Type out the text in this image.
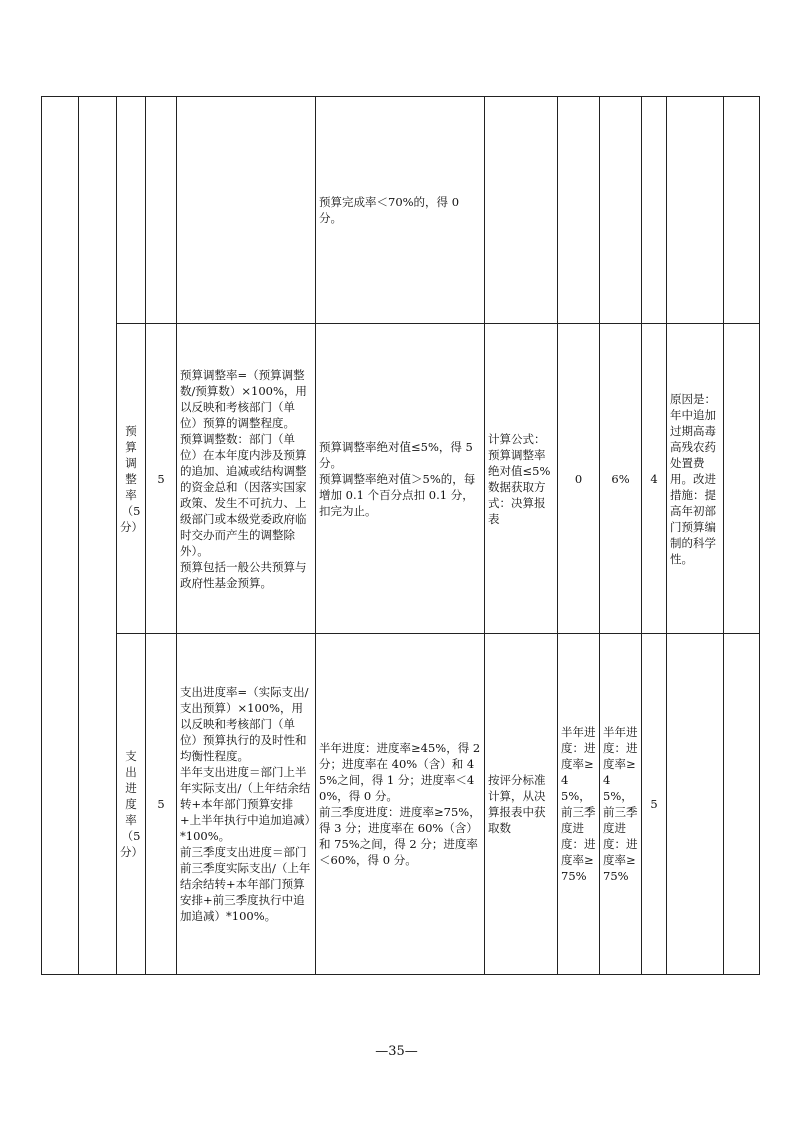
					预算完成率＜70%的，得 0 分。						
		预算
调整
率
（5
分）	5	预算调整率=（预算调整数/预算数）×100%，用以反映和考核部门（单位）预算的调整程度。
预算调整数：部门（单位）在本年度内涉及预算的追加、追减或结构调整的资金总和（因落实国家政策、发生不可抗力、上级部门或本级党委政府临时交办而产生的调整除外）。
预算包括一般公共预算与政府性基金预算。	预算调整率绝对值≤5%，得 5 分。
预算调整率绝对值＞5%的，每增加 0.1 个百分点扣 0.1 分，扣完为止。	计算公式：预算调整率绝对值≤5%数据获取方式：决算报表	0	6%	4	原因是：年中追加过期高毒高残农药处置费用。改进措施：提高年初部门预算编制的科学性。	
		支出
进度
率
（5
分）	5	支出进度率=（实际支出/支出预算）×100%，用以反映和考核部门（单位）预算执行的及时性和均衡性程度。
半年支出进度＝部门上半年实际支出/（上年结余结转+本年部门预算安排+上半年执行中追加追减）*100%。
前三季度支出进度＝部门前三季度实际支出/（上年结余结转+本年部门预算安排+前三季度执行中追加追减）*100%。	半年进度：进度率≥45%，得 2 分；进度率在 40%（含）和 45%之间，得 1 分；进度率＜40%，得 0 分。
前三季度进度：进度率≥75%，得 3 分；进度率在 60%（含）和 75%之间，得 2 分；进度率＜60%，得 0 分。	按评分标准计算，从决算报表中获取数	半年进度：进度率≥45%，前三季度进度：进度率≥75%	半年进度：进度率≥45%，前三季度进度：进度率≥75%	5		
—35—
